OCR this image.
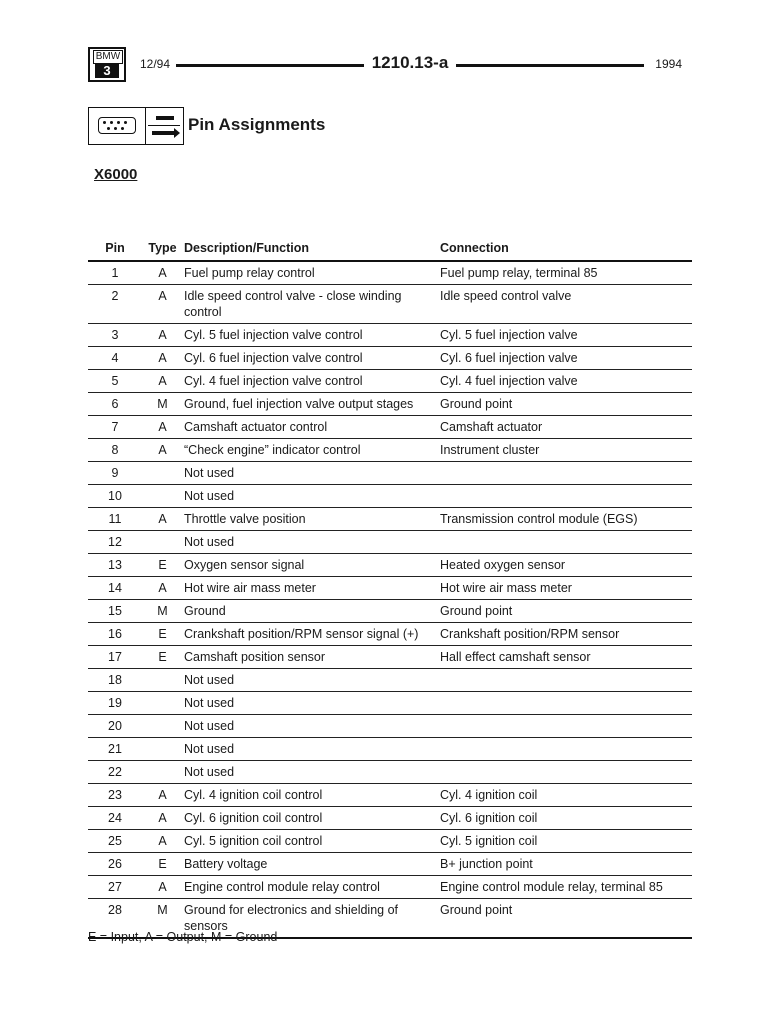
BMW
3	12/94	1210.13-a	1994
Pin Assignments
X6000
Pin	Type	Description/Function	Connection
1	A	Fuel pump relay control	Fuel pump relay, terminal 85
2	A	Idle speed control valve - close winding control	Idle speed control valve
3	A	Cyl. 5 fuel injection valve control	Cyl. 5 fuel injection valve
4	A	Cyl. 6 fuel injection valve control	Cyl. 6 fuel injection valve
5	A	Cyl. 4 fuel injection valve control	Cyl. 4 fuel injection valve
6	M	Ground, fuel injection valve output stages	Ground point
7	A	Camshaft actuator control	Camshaft actuator
8	A	“Check engine” indicator control	Instrument cluster
9		Not used	
10		Not used	
11	A	Throttle valve position	Transmission control module (EGS)
12		Not used	
13	E	Oxygen sensor signal	Heated oxygen sensor
14	A	Hot wire air mass meter	Hot wire air mass meter
15	M	Ground	Ground point
16	E	Crankshaft position/RPM sensor signal (+)	Crankshaft position/RPM sensor
17	E	Camshaft position sensor	Hall effect camshaft sensor
18		Not used	
19		Not used	
20		Not used	
21		Not used	
22		Not used	
23	A	Cyl. 4 ignition coil control	Cyl. 4 ignition coil
24	A	Cyl. 6 ignition coil control	Cyl. 6 ignition coil
25	A	Cyl. 5 ignition coil control	Cyl. 5 ignition coil
26	E	Battery voltage	B+ junction point
27	A	Engine control module relay control	Engine control module relay, terminal 85
28	M	Ground for electronics and shielding of sensors	Ground point
E = Input, A = Output, M = Ground
